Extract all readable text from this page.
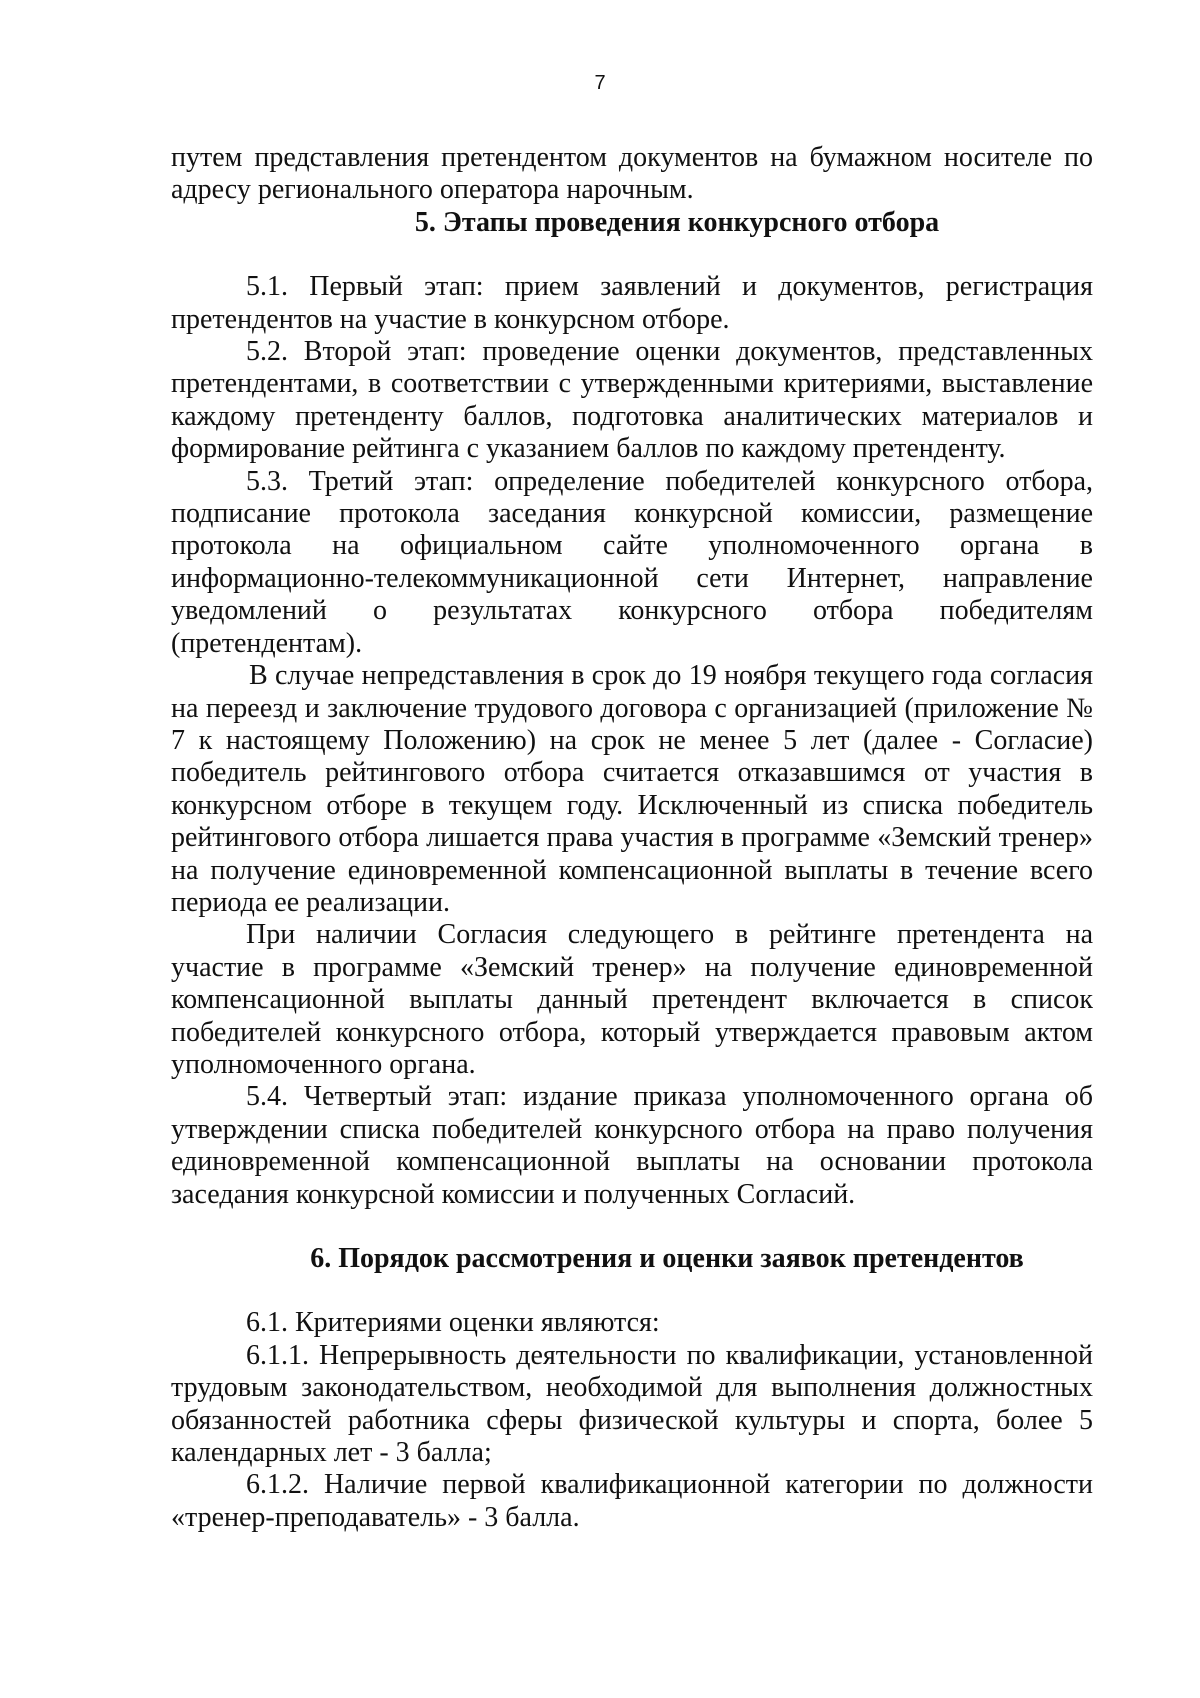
7

путем представления претендентом документов на бумажном носителе по адресу регионального оператора нарочным.

5. Этапы проведения конкурсного отбора

5.1. Первый этап: прием заявлений и документов, регистрация претендентов на участие в конкурсном отборе.

5.2. Второй этап: проведение оценки документов, представленных претендентами, в соответствии с утвержденными критериями, выставление каждому претенденту баллов, подготовка аналитических материалов и формирование рейтинга с указанием баллов по каждому претенденту.

5.3. Третий этап: определение победителей конкурсного отбора, подписание протокола заседания конкурсной комиссии, размещение протокола на официальном сайте уполномоченного органа в информационно-телекоммуникационной сети Интернет, направление уведомлений о результатах конкурсного отбора победителям (претендентам).

В случае непредставления в срок до 19 ноября текущего года согласия на переезд и заключение трудового договора с организацией (приложение № 7 к настоящему Положению) на срок не менее 5 лет (далее - Согласие) победитель рейтингового отбора считается отказавшимся от участия в конкурсном отборе в текущем году. Исключенный из списка победитель рейтингового отбора лишается права участия в программе «Земский тренер» на получение единовременной компенсационной выплаты в течение всего периода ее реализации.

При наличии Согласия следующего в рейтинге претендента на участие в программе «Земский тренер» на получение единовременной компенсационной выплаты данный претендент включается в список победителей конкурсного отбора, который утверждается правовым актом уполномоченного органа.

5.4. Четвертый этап: издание приказа уполномоченного органа об утверждении списка победителей конкурсного отбора на право получения единовременной компенсационной выплаты на основании протокола заседания конкурсной комиссии и полученных Согласий.

6. Порядок рассмотрения и оценки заявок претендентов

6.1. Критериями оценки являются:

6.1.1. Непрерывность деятельности по квалификации, установленной трудовым законодательством, необходимой для выполнения должностных обязанностей работника сферы физической культуры и спорта, более 5 календарных лет - 3 балла;

6.1.2. Наличие первой квалификационной категории по должности «тренер-преподаватель» - 3 балла.
